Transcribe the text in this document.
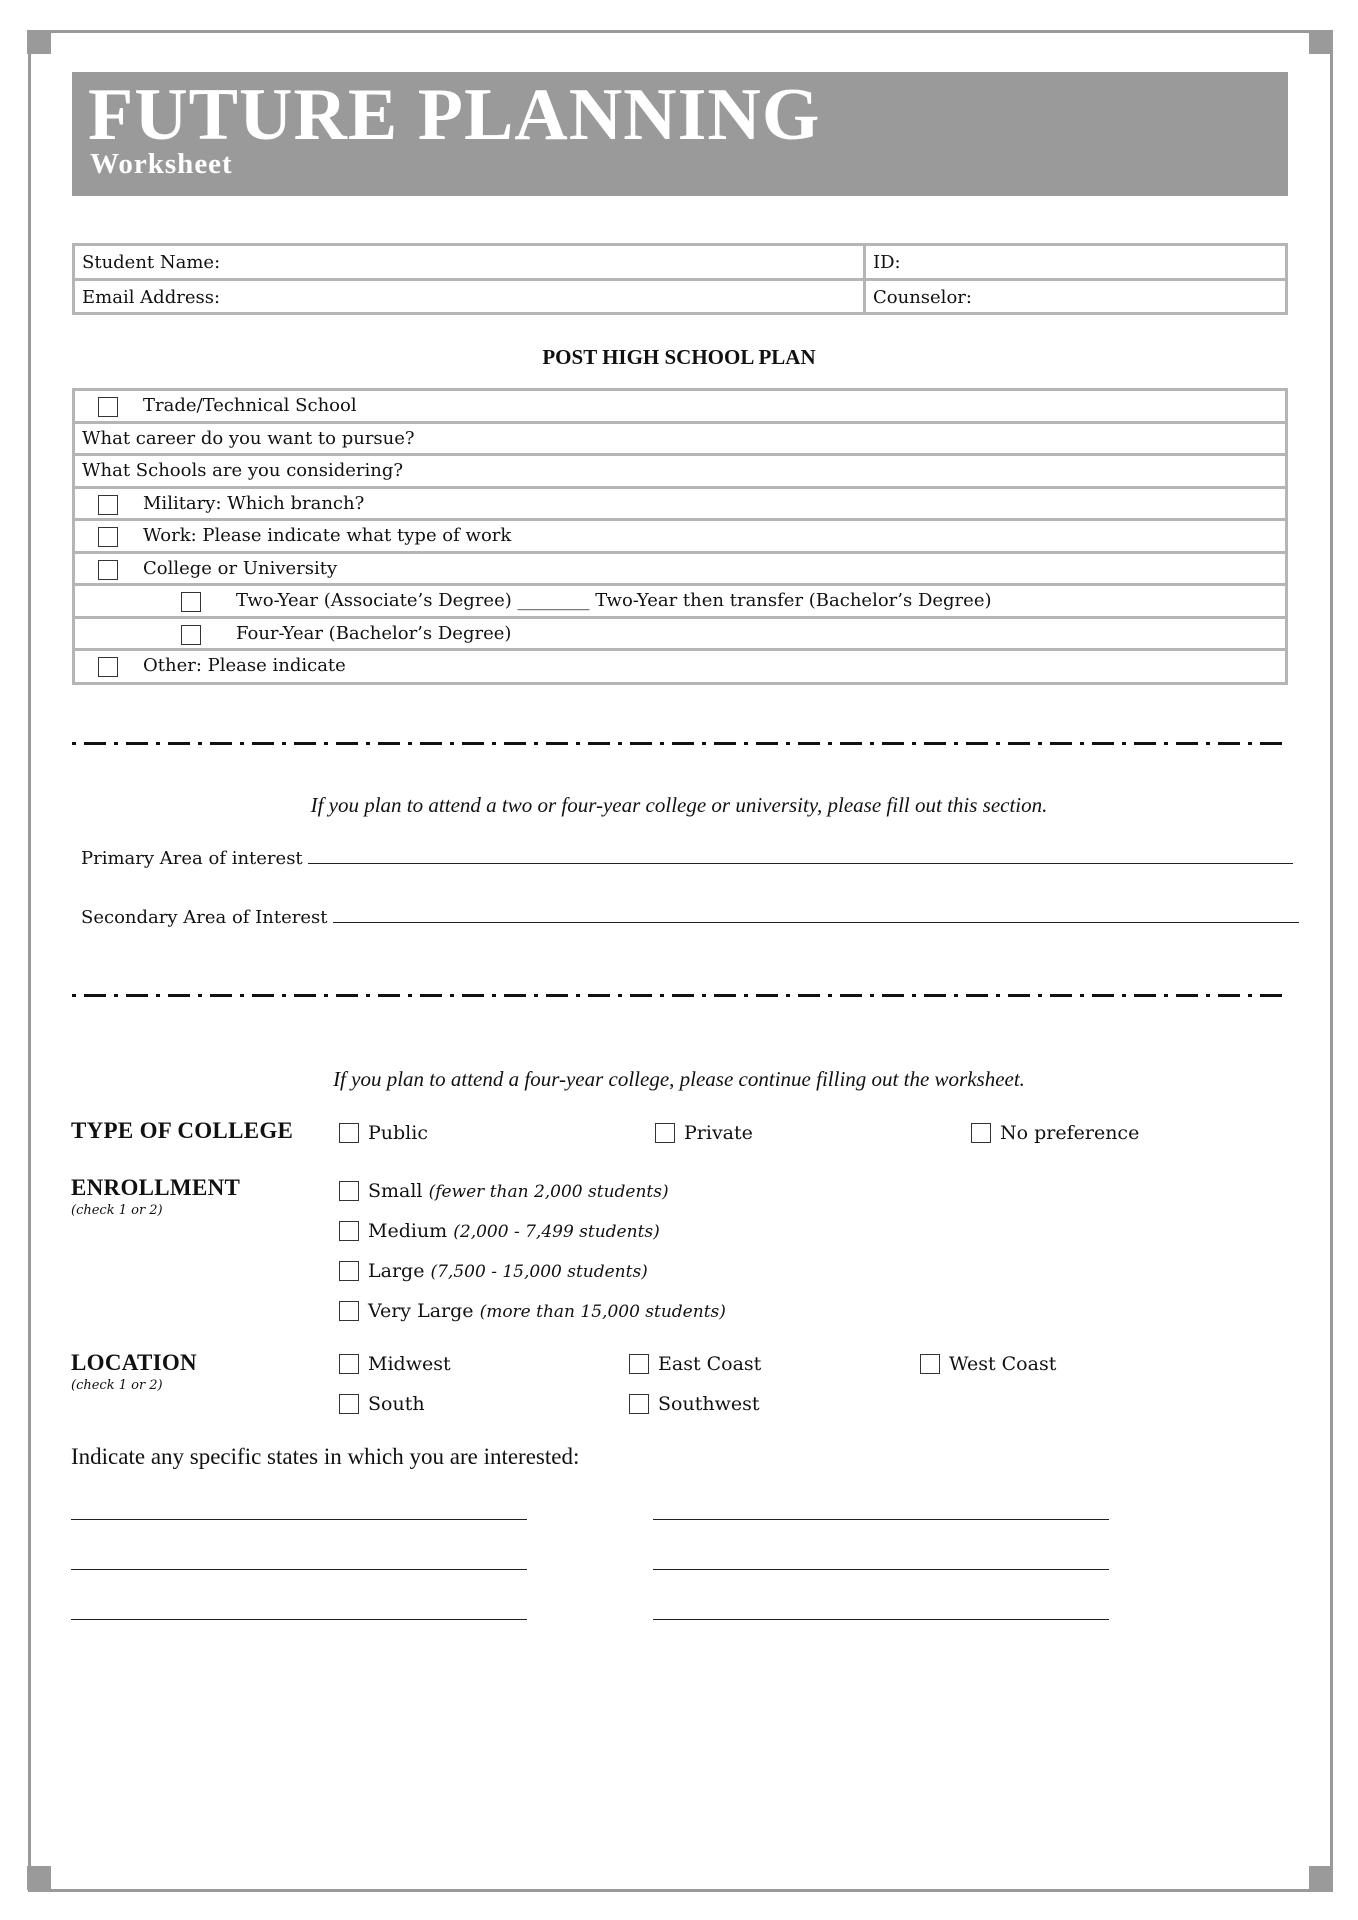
FUTURE PLANNING
Worksheet
Student Name:	ID:
Email Address:	Counselor:
POST HIGH SCHOOL PLAN
Trade/Technical School
What career do you want to pursue?
What Schools are you considering?
Military: Which branch?
Work: Please indicate what type of work
College or University
Two-Year (Associate’s Degree) ________ Two-Year then transfer (Bachelor’s Degree)
Four-Year (Bachelor’s Degree)
Other: Please indicate
If you plan to attend a two or four-year college or university, please fill out this section.
Primary Area of interest
Secondary Area of Interest
If you plan to attend a four-year college, please continue filling out the worksheet.
TYPE OF COLLEGE	Public	Private	No preference
ENROLLMENT
(check 1 or 2)
Small (fewer than 2,000 students)
Medium (2,000 - 7,499 students)
Large (7,500 - 15,000 students)
Very Large (more than 15,000 students)
LOCATION
(check 1 or 2)
Midwest	East Coast	West Coast
South	Southwest
Indicate any specific states in which you are interested:
